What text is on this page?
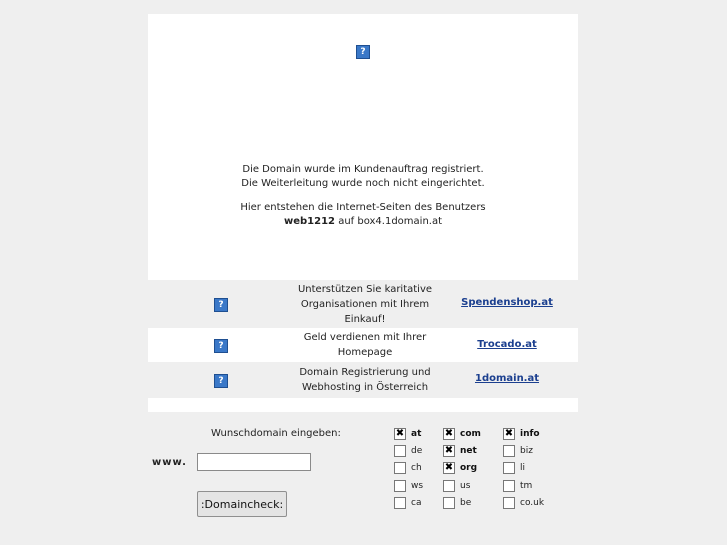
?
Die Domain wurde im Kundenauftrag registriert.
Die Weiterleitung wurde noch nicht eingerichtet.
Hier entstehen die Internet-Seiten des Benutzers
web1212 auf box4.1domain.at
?
Unterstützen Sie karitative
Organisationen mit Ihrem
Einkauf!
Spendenshop.at
?
Geld verdienen mit Ihrer
Homepage
Trocado.at
?
Domain Registrierung und
Webhosting in Österreich
1domain.at
Wunschdomain eingeben:
www.
:Domaincheck:
✖ at ✖ com ✖ info
de ✖ net	biz
ch ✖ org	li
ws	us	tm
ca	be	co.uk
